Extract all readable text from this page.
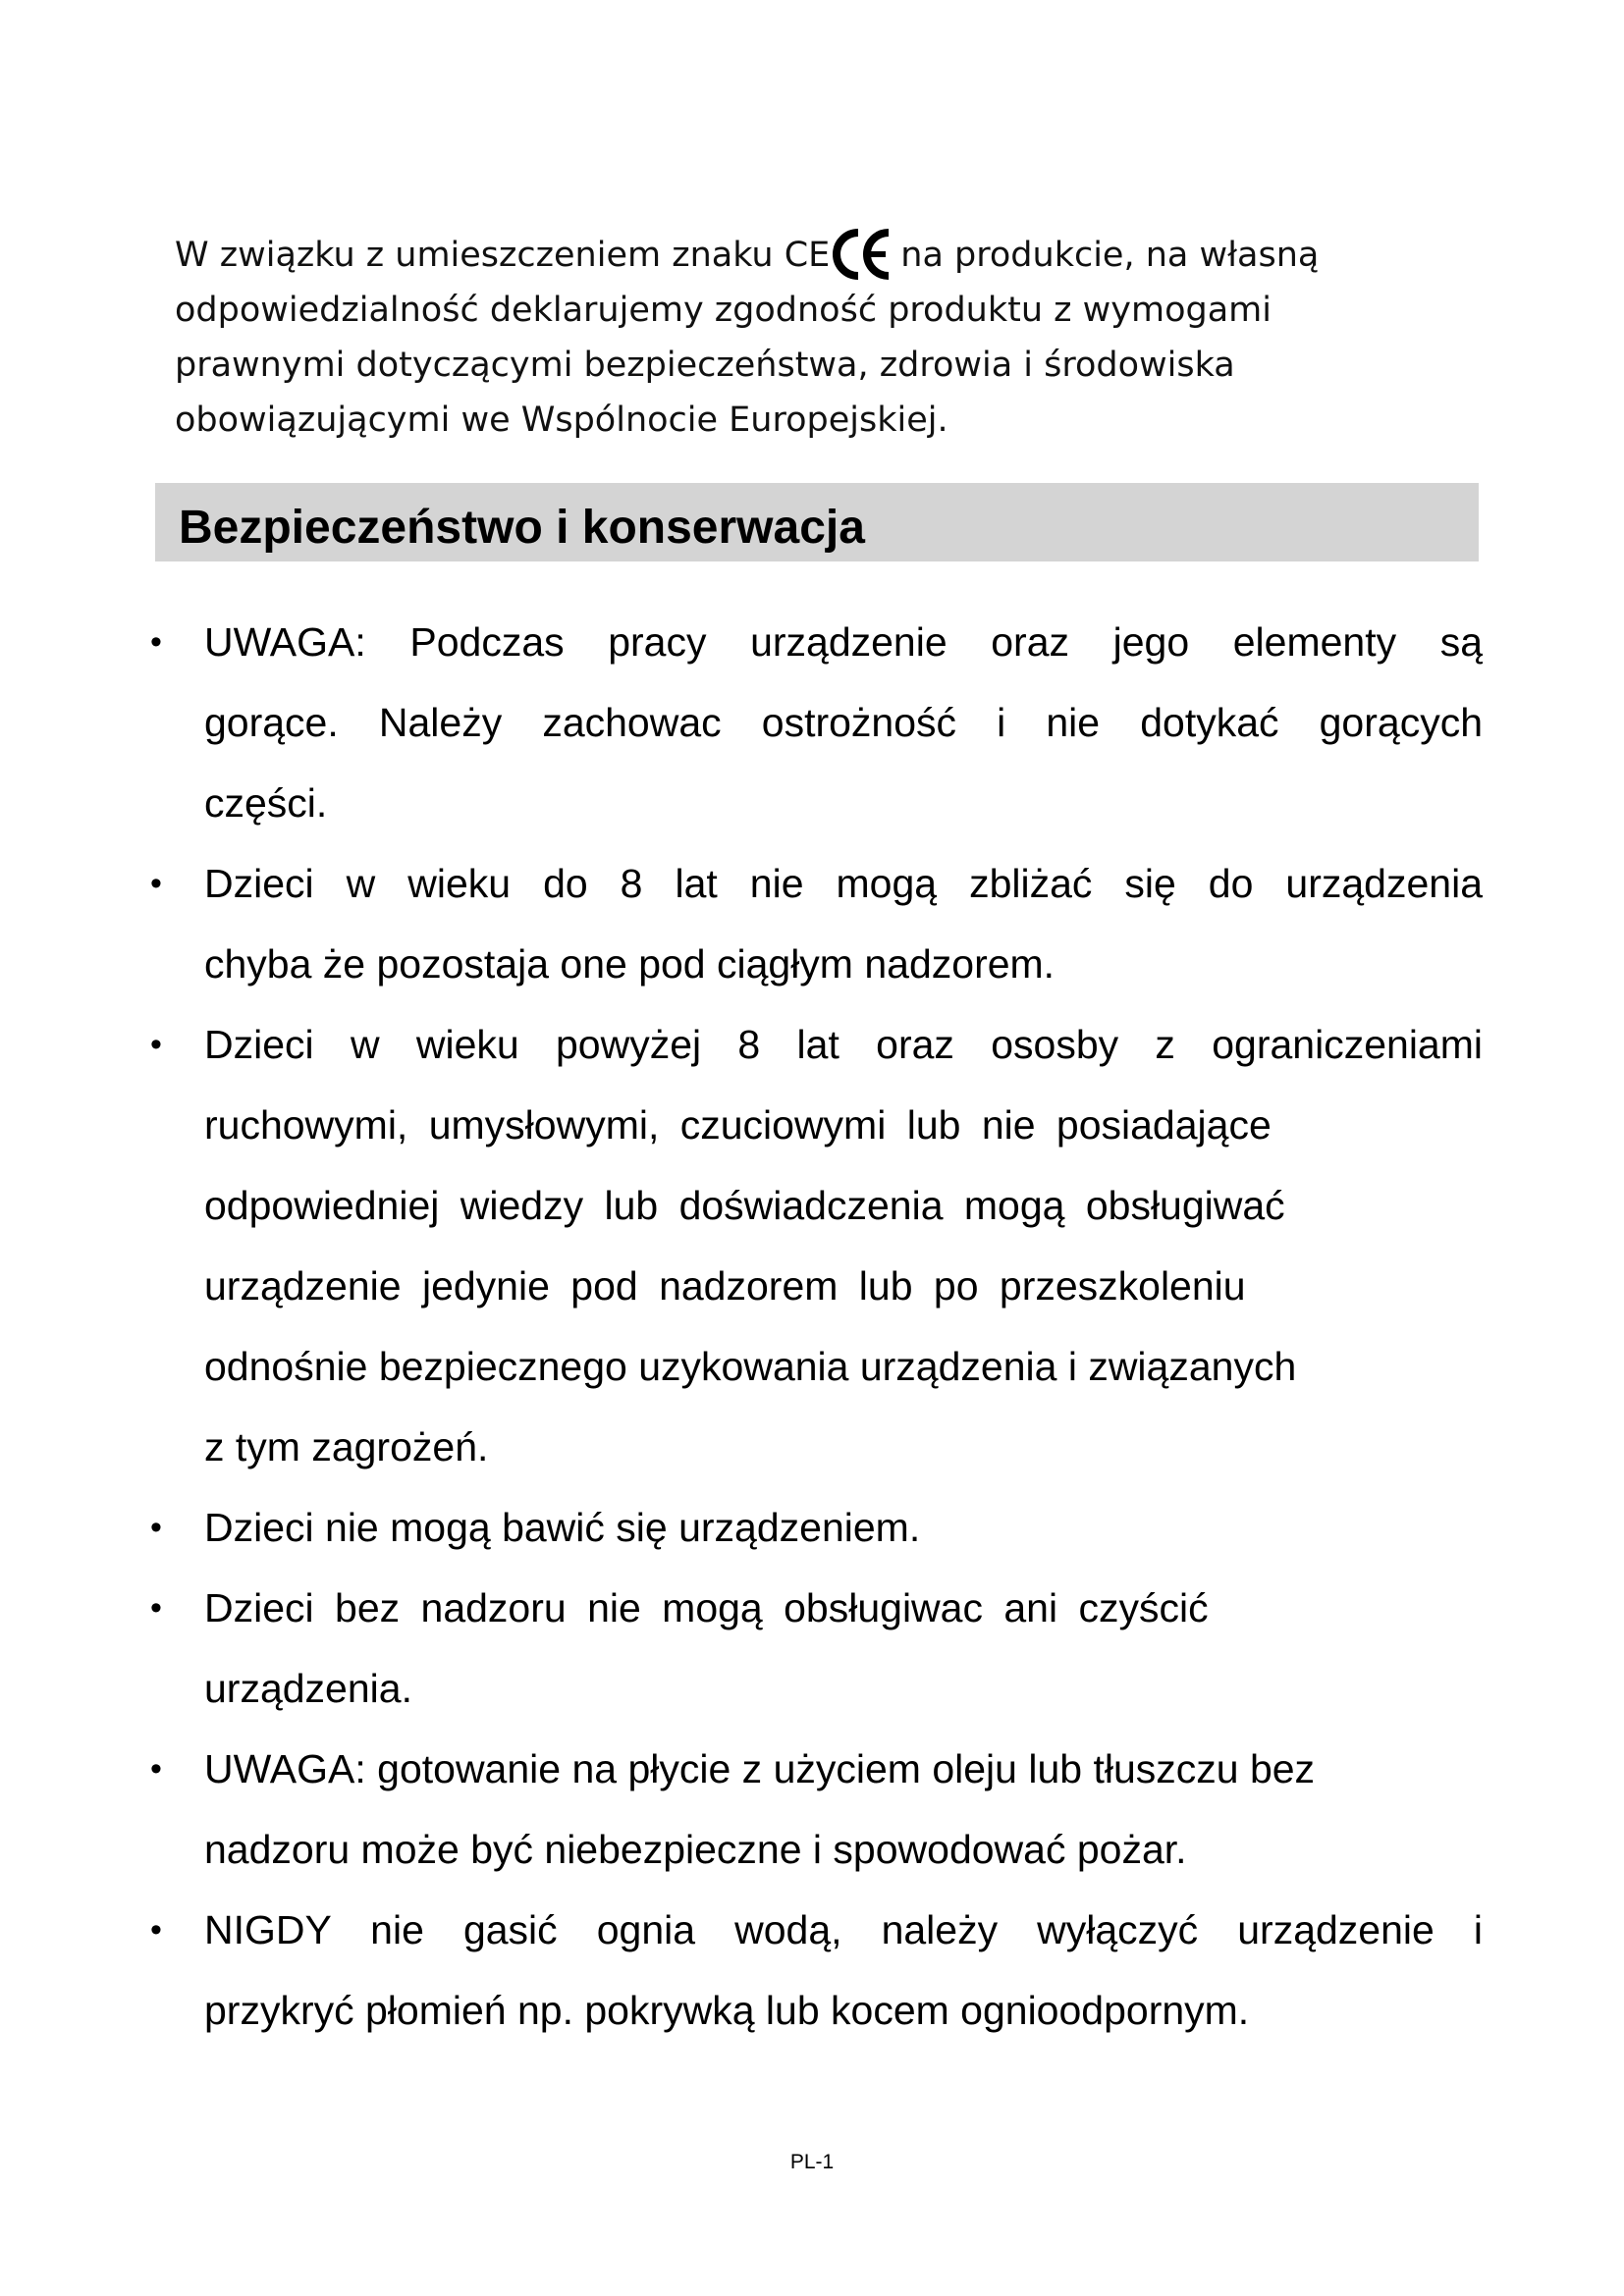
W związku z umieszczeniem znaku CE na produkcie, na własną
odpowiedzialność deklarujemy zgodność produktu z wymogami
prawnymi dotyczącymi bezpieczeństwa, zdrowia i środowiska
obowiązującymi we Wspólnocie Europejskiej.
Bezpieczeństwo i konserwacja
• UWAGA: Podczas pracy urządzenie oraz jego elementy są
gorące. Należy zachowac ostrożność i nie dotykać gorących
części.
• Dzieci w wieku do 8 lat nie mogą zbliżać się do urządzenia
chyba że pozostaja one pod ciągłym nadzorem.
• Dzieci w wieku powyżej 8 lat oraz ososby z ograniczeniami
ruchowymi, umysłowymi, czuciowymi lub nie posiadające
odpowiedniej wiedzy lub doświadczenia mogą obsługiwać
urządzenie jedynie pod nadzorem lub po przeszkoleniu
odnośnie bezpiecznego uzykowania urządzenia i związanych
z tym zagrożeń.
• Dzieci nie mogą bawić się urządzeniem.
• Dzieci bez nadzoru nie mogą obsługiwac ani czyścić
urządzenia.
• UWAGA: gotowanie na płycie z użyciem oleju lub tłuszczu bez
nadzoru może być niebezpieczne i spowodować pożar.
• NIGDY nie gasić ognia wodą, należy wyłączyć urządzenie i
przykryć płomień np. pokrywką lub kocem ognioodpornym.
PL-1
